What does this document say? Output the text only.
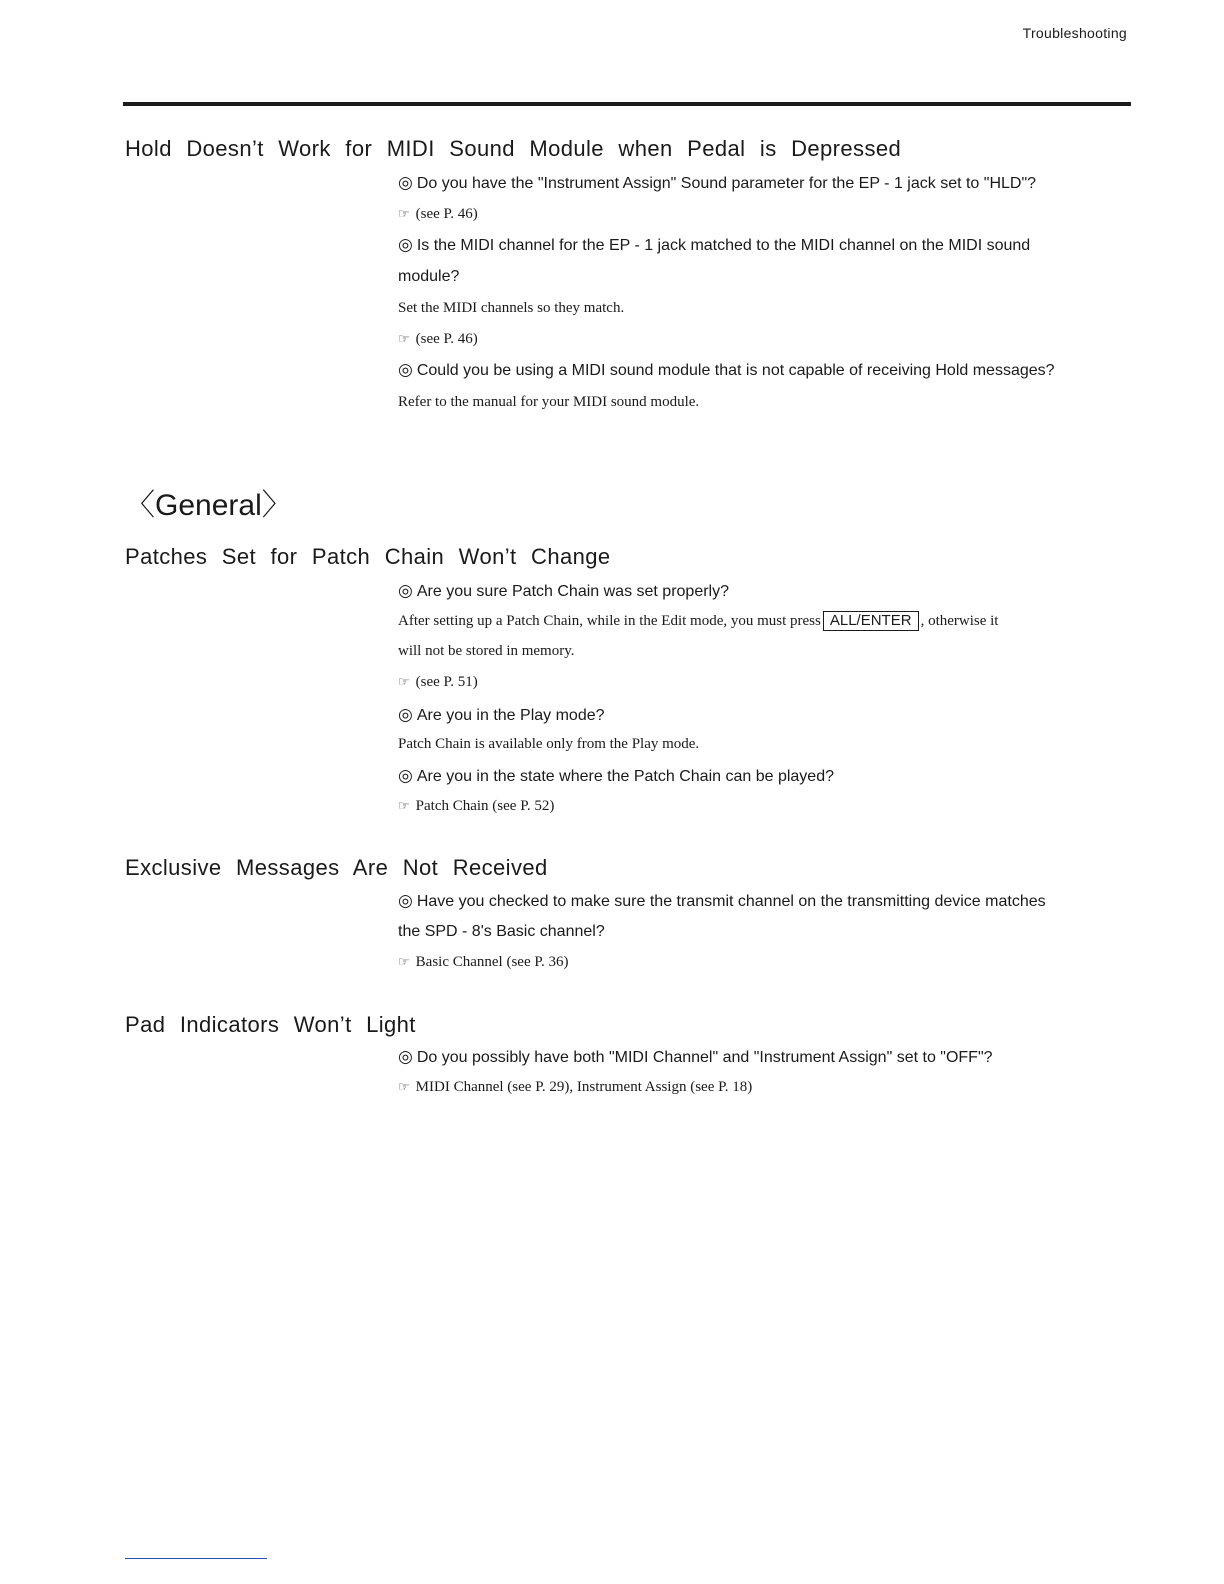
Troubleshooting
Hold Doesn’t Work for MIDI Sound Module when Pedal is Depressed
◎ Do you have the "Instrument Assign" Sound parameter for the EP - 1 jack set to "HLD"?
☞ (see P. 46)
◎ Is the MIDI channel for the EP - 1 jack matched to the MIDI channel on the MIDI sound
module?
Set the MIDI channels so they match.
☞ (see P. 46)
◎ Could you be using a MIDI sound module that is not capable of receiving Hold messages?
Refer to the manual for your MIDI sound module.
〈General〉
Patches Set for Patch Chain Won’t Change
◎ Are you sure Patch Chain was set properly?
After setting up a Patch Chain, while in the Edit mode, you must press ALL/ENTER , otherwise it
will not be stored in memory.
☞ (see P. 51)
◎ Are you in the Play mode?
Patch Chain is available only from the Play mode.
◎ Are you in the state where the Patch Chain can be played?
☞ Patch Chain (see P. 52)
Exclusive Messages Are Not Received
◎ Have you checked to make sure the transmit channel on the transmitting device matches
the SPD - 8's Basic channel?
☞ Basic Channel (see P. 36)
Pad Indicators Won’t Light
◎ Do you possibly have both "MIDI Channel" and "Instrument Assign" set to "OFF"?
☞ MIDI Channel (see P. 29), Instrument Assign (see P. 18)
